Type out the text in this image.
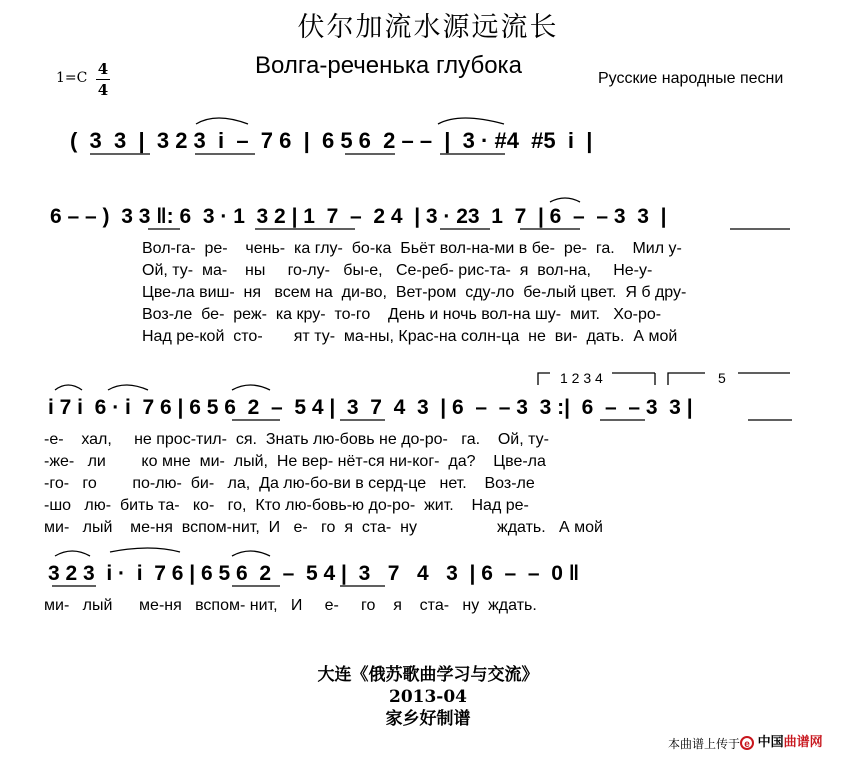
伏尔加流水源远流长
Волга-реченька глубока	Русские народные песни
1=C 4
4
(  3  3  |  3 2 3  i  –  7 6  |  6 5 6  2 – –  |  3 · #4  #5  i  |
6 – – )  3 3 ‖: 6  3 · 1  3 2 | 1  7  –  2 4  | 3 · 23  1  7  | 6  –  – 3  3  |
Вол-га-  ре-    чень-  ка глу-  бо-ка  Бьёт вол-на-ми в бе-  ре-  га.    Мил у-
Ой, ту-  ма-    ны     го-лу-   бы-е,   Се-реб- рис-та-  я  вол-на,     Не-у-
Цве-ла виш-  ня   всем на  ди-во,  Вет-ром  сду-ло  бе-лый цвет.  Я б дру-
Воз-ле  бе-  реж-  ка кру-  то-го    День и ночь вол-на шу-  мит.   Хо-ро-
Над ре-кой  сто-       ят ту-  ма-ны, Крас-на солн-ца  не  ви-  дать.  А мой
1 2 3 4	5
i 7 i  6 · i  7 6 | 6 5 6  2  –  5 4 |  3  7  4  3  | 6  –  – 3  3 :|  6  –  – 3  3 |
-е-    хал,     не прос-тил-  ся.  Знать лю-бовь не до-ро-   га.    Ой, ту-
-же-   ли        ко мне  ми-  лый,  Не вер- нёт-ся ни-ког-  да?    Цве-ла
-го-   го        по-лю-  би-   ла,  Да лю-бо-ви в серд-це   нет.    Воз-ле
-шо   лю-  бить та-   ко-   го,  Кто лю-бовь-ю до-ро-  жит.    Над ре-
ми-   лый    ме-ня  вспом-нит,  И   е-   го  я  ста-  ну                  ждать.   А мой
3 2 3  i ·  i  7 6 | 6 5 6  2  –  5 4 |  3   7   4   3  | 6  –  –  0 ‖
ми-   лый      ме-ня   вспом- нит,   И     е-     го    я    ста-   ну  ждать.
大连《俄苏歌曲学习与交流》
2013-04
家乡好制谱
本曲谱上传于 e 中国曲谱网
